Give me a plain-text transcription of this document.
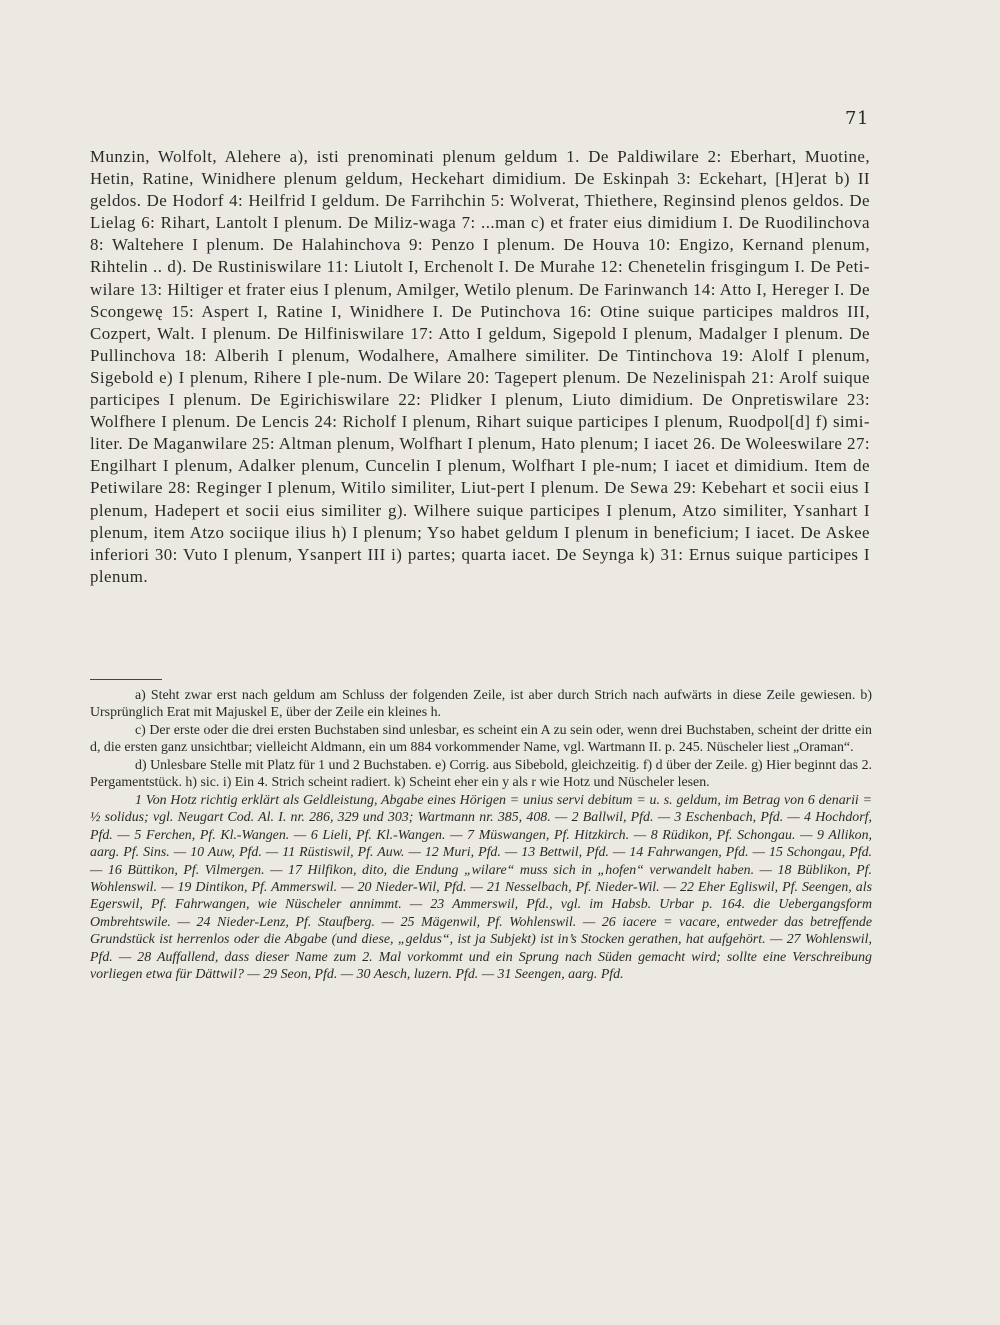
71

Munzin, Wolfolt, Alehere a), isti prenominati plenum geldum 1. De Paldiwilare 2: Eberhart, Muotine, Hetin, Ratine, Winidhere plenum geldum, Heckehart dimidium. De Eskinpah 3: Eckehart, [H]erat b) II geldos. De Hodorf 4: Heilfrid I geldum. De Farrihchin 5: Wolverat, Thiethere, Reginsind plenos geldos. De Lielag 6: Rihart, Lantolt I plenum. De Miliz-waga 7: ...man c) et frater eius dimidium I. De Ruodilinchova 8: Waltehere I plenum. De Halahinchova 9: Penzo I plenum. De Houva 10: Engizo, Kernand plenum, Rihtelin .. d). De Rustiniswilare 11: Liutolt I, Erchenolt I. De Murahe 12: Chenetelin frisgingum I. De Peti-wilare 13: Hiltiger et frater eius I plenum, Amilger, Wetilo plenum. De Farinwanch 14: Atto I, Hereger I. De Scongewę 15: Aspert I, Ratine I, Winidhere I. De Putinchova 16: Otine suique participes maldros III, Cozpert, Walt. I plenum. De Hilfiniswilare 17: Atto I geldum, Sigepold I plenum, Madalger I plenum. De Pullinchova 18: Alberih I plenum, Wodalhere, Amalhere similiter. De Tintinchova 19: Alolf I plenum, Sigebold e) I plenum, Rihere I ple-num. De Wilare 20: Tagepert plenum. De Nezelinispah 21: Arolf suique participes I plenum. De Egirichiswilare 22: Plidker I plenum, Liuto dimidium. De Onpretiswilare 23: Wolfhere I plenum. De Lencis 24: Richolf I plenum, Rihart suique participes I plenum, Ruodpol[d] f) simi-liter. De Maganwilare 25: Altman plenum, Wolfhart I plenum, Hato plenum; I iacet 26. De Woleeswilare 27: Engilhart I plenum, Adalker plenum, Cuncelin I plenum, Wolfhart I ple-num; I iacet et dimidium. Item de Petiwilare 28: Reginger I plenum, Witilo similiter, Liut-pert I plenum. De Sewa 29: Kebehart et socii eius I plenum, Hadepert et socii eius similiter g). Wilhere suique participes I plenum, Atzo similiter, Ysanhart I plenum, item Atzo sociique ilius h) I plenum; Yso habet geldum I plenum in beneficium; I iacet. De Askee inferiori 30: Vuto I plenum, Ysanpert III i) partes; quarta iacet. De Seynga k) 31: Ernus suique participes I plenum.

a) Steht zwar erst nach geldum am Schluss der folgenden Zeile, ist aber durch Strich nach aufwärts in diese Zeile gewiesen. b) Ursprünglich Erat mit Majuskel E, über der Zeile ein kleines h.

c) Der erste oder die drei ersten Buchstaben sind unlesbar, es scheint ein A zu sein oder, wenn drei Buchstaben, scheint der dritte ein d, die ersten ganz unsichtbar; vielleicht Aldmann, ein um 884 vorkommender Name, vgl. Wartmann II. p. 245. Nüscheler liest „Oraman“.

d) Unlesbare Stelle mit Platz für 1 und 2 Buchstaben. e) Corrig. aus Sibebold, gleichzeitig. f) d über der Zeile. g) Hier beginnt das 2. Pergamentstück. h) sic. i) Ein 4. Strich scheint radiert. k) Scheint eher ein y als r wie Hotz und Nüscheler lesen.

1 Von Hotz richtig erklärt als Geldleistung, Abgabe eines Hörigen = unius servi debitum = u. s. geldum, im Betrag von 6 denarii = ½ solidus; vgl. Neugart Cod. Al. I. nr. 286, 329 und 303; Wartmann nr. 385, 408. — 2 Ballwil, Pfd. — 3 Eschenbach, Pfd. — 4 Hochdorf, Pfd. — 5 Ferchen, Pf. Kl.-Wangen. — 6 Lieli, Pf. Kl.-Wangen. — 7 Müswangen, Pf. Hitzkirch. — 8 Rüdikon, Pf. Schongau. — 9 Allikon, aarg. Pf. Sins. — 10 Auw, Pfd. — 11 Rüstiswil, Pf. Auw. — 12 Muri, Pfd. — 13 Bettwil, Pfd. — 14 Fahrwangen, Pfd. — 15 Schongau, Pfd. — 16 Büttikon, Pf. Vilmergen. — 17 Hilfikon, dito, die Endung „wilare“ muss sich in „hofen“ verwandelt haben. — 18 Büblikon, Pf. Wohlenswil. — 19 Dintikon, Pf. Ammerswil. — 20 Nieder-Wil, Pfd. — 21 Nesselbach, Pf. Nieder-Wil. — 22 Eher Egliswil, Pf. Seengen, als Egerswil, Pf. Fahrwangen, wie Nüscheler annimmt. — 23 Ammerswil, Pfd., vgl. im Habsb. Urbar p. 164. die Uebergangsform Ombrehtswile. — 24 Nieder-Lenz, Pf. Staufberg. — 25 Mägenwil, Pf. Wohlenswil. — 26 iacere = vacare, entweder das betreffende Grundstück ist herrenlos oder die Abgabe (und diese, „geldus“, ist ja Subjekt) ist in’s Stocken gerathen, hat aufgehört. — 27 Wohlenswil, Pfd. — 28 Auffallend, dass dieser Name zum 2. Mal vorkommt und ein Sprung nach Süden gemacht wird; sollte eine Verschreibung vorliegen etwa für Dättwil? — 29 Seon, Pfd. — 30 Aesch, luzern. Pfd. — 31 Seengen, aarg. Pfd.
